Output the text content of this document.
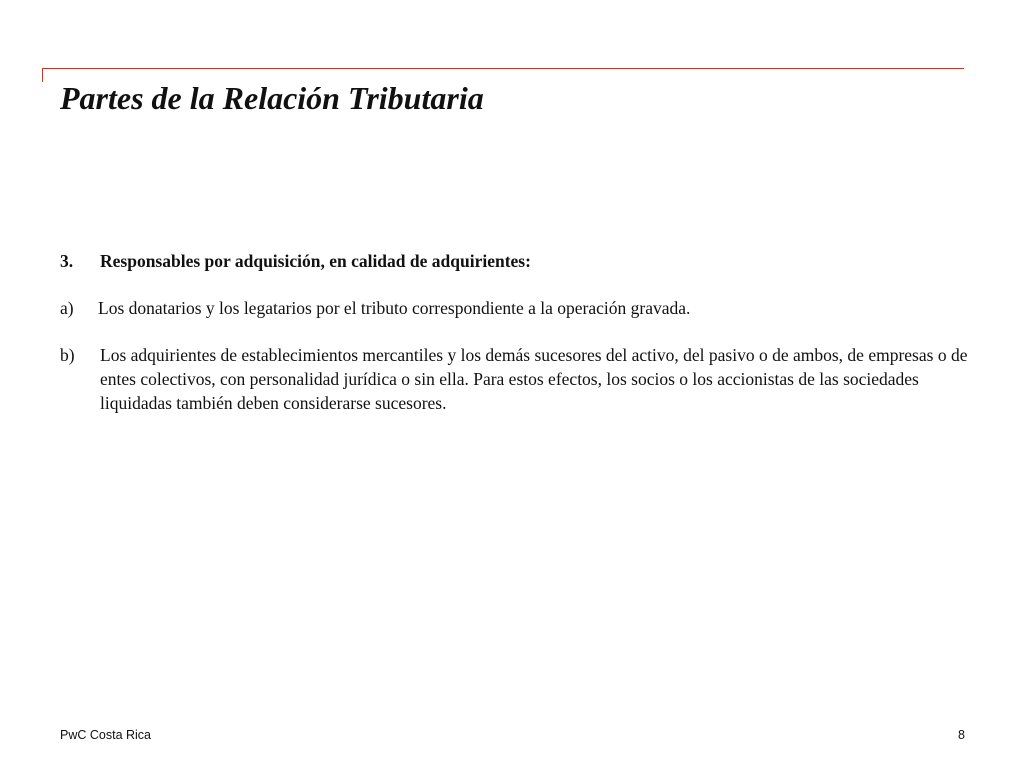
Partes de la Relación Tributaria
3.	Responsables por adquisición, en calidad de adquirientes:
a)	Los donatarios y los legatarios por el tributo correspondiente a la operación gravada.
b)	Los adquirientes de establecimientos mercantiles y los demás sucesores del activo, del pasivo o de ambos, de empresas o de entes colectivos, con personalidad jurídica o sin ella. Para estos efectos, los socios o los accionistas de las sociedades liquidadas también deben considerarse sucesores.
PwC Costa Rica	8
